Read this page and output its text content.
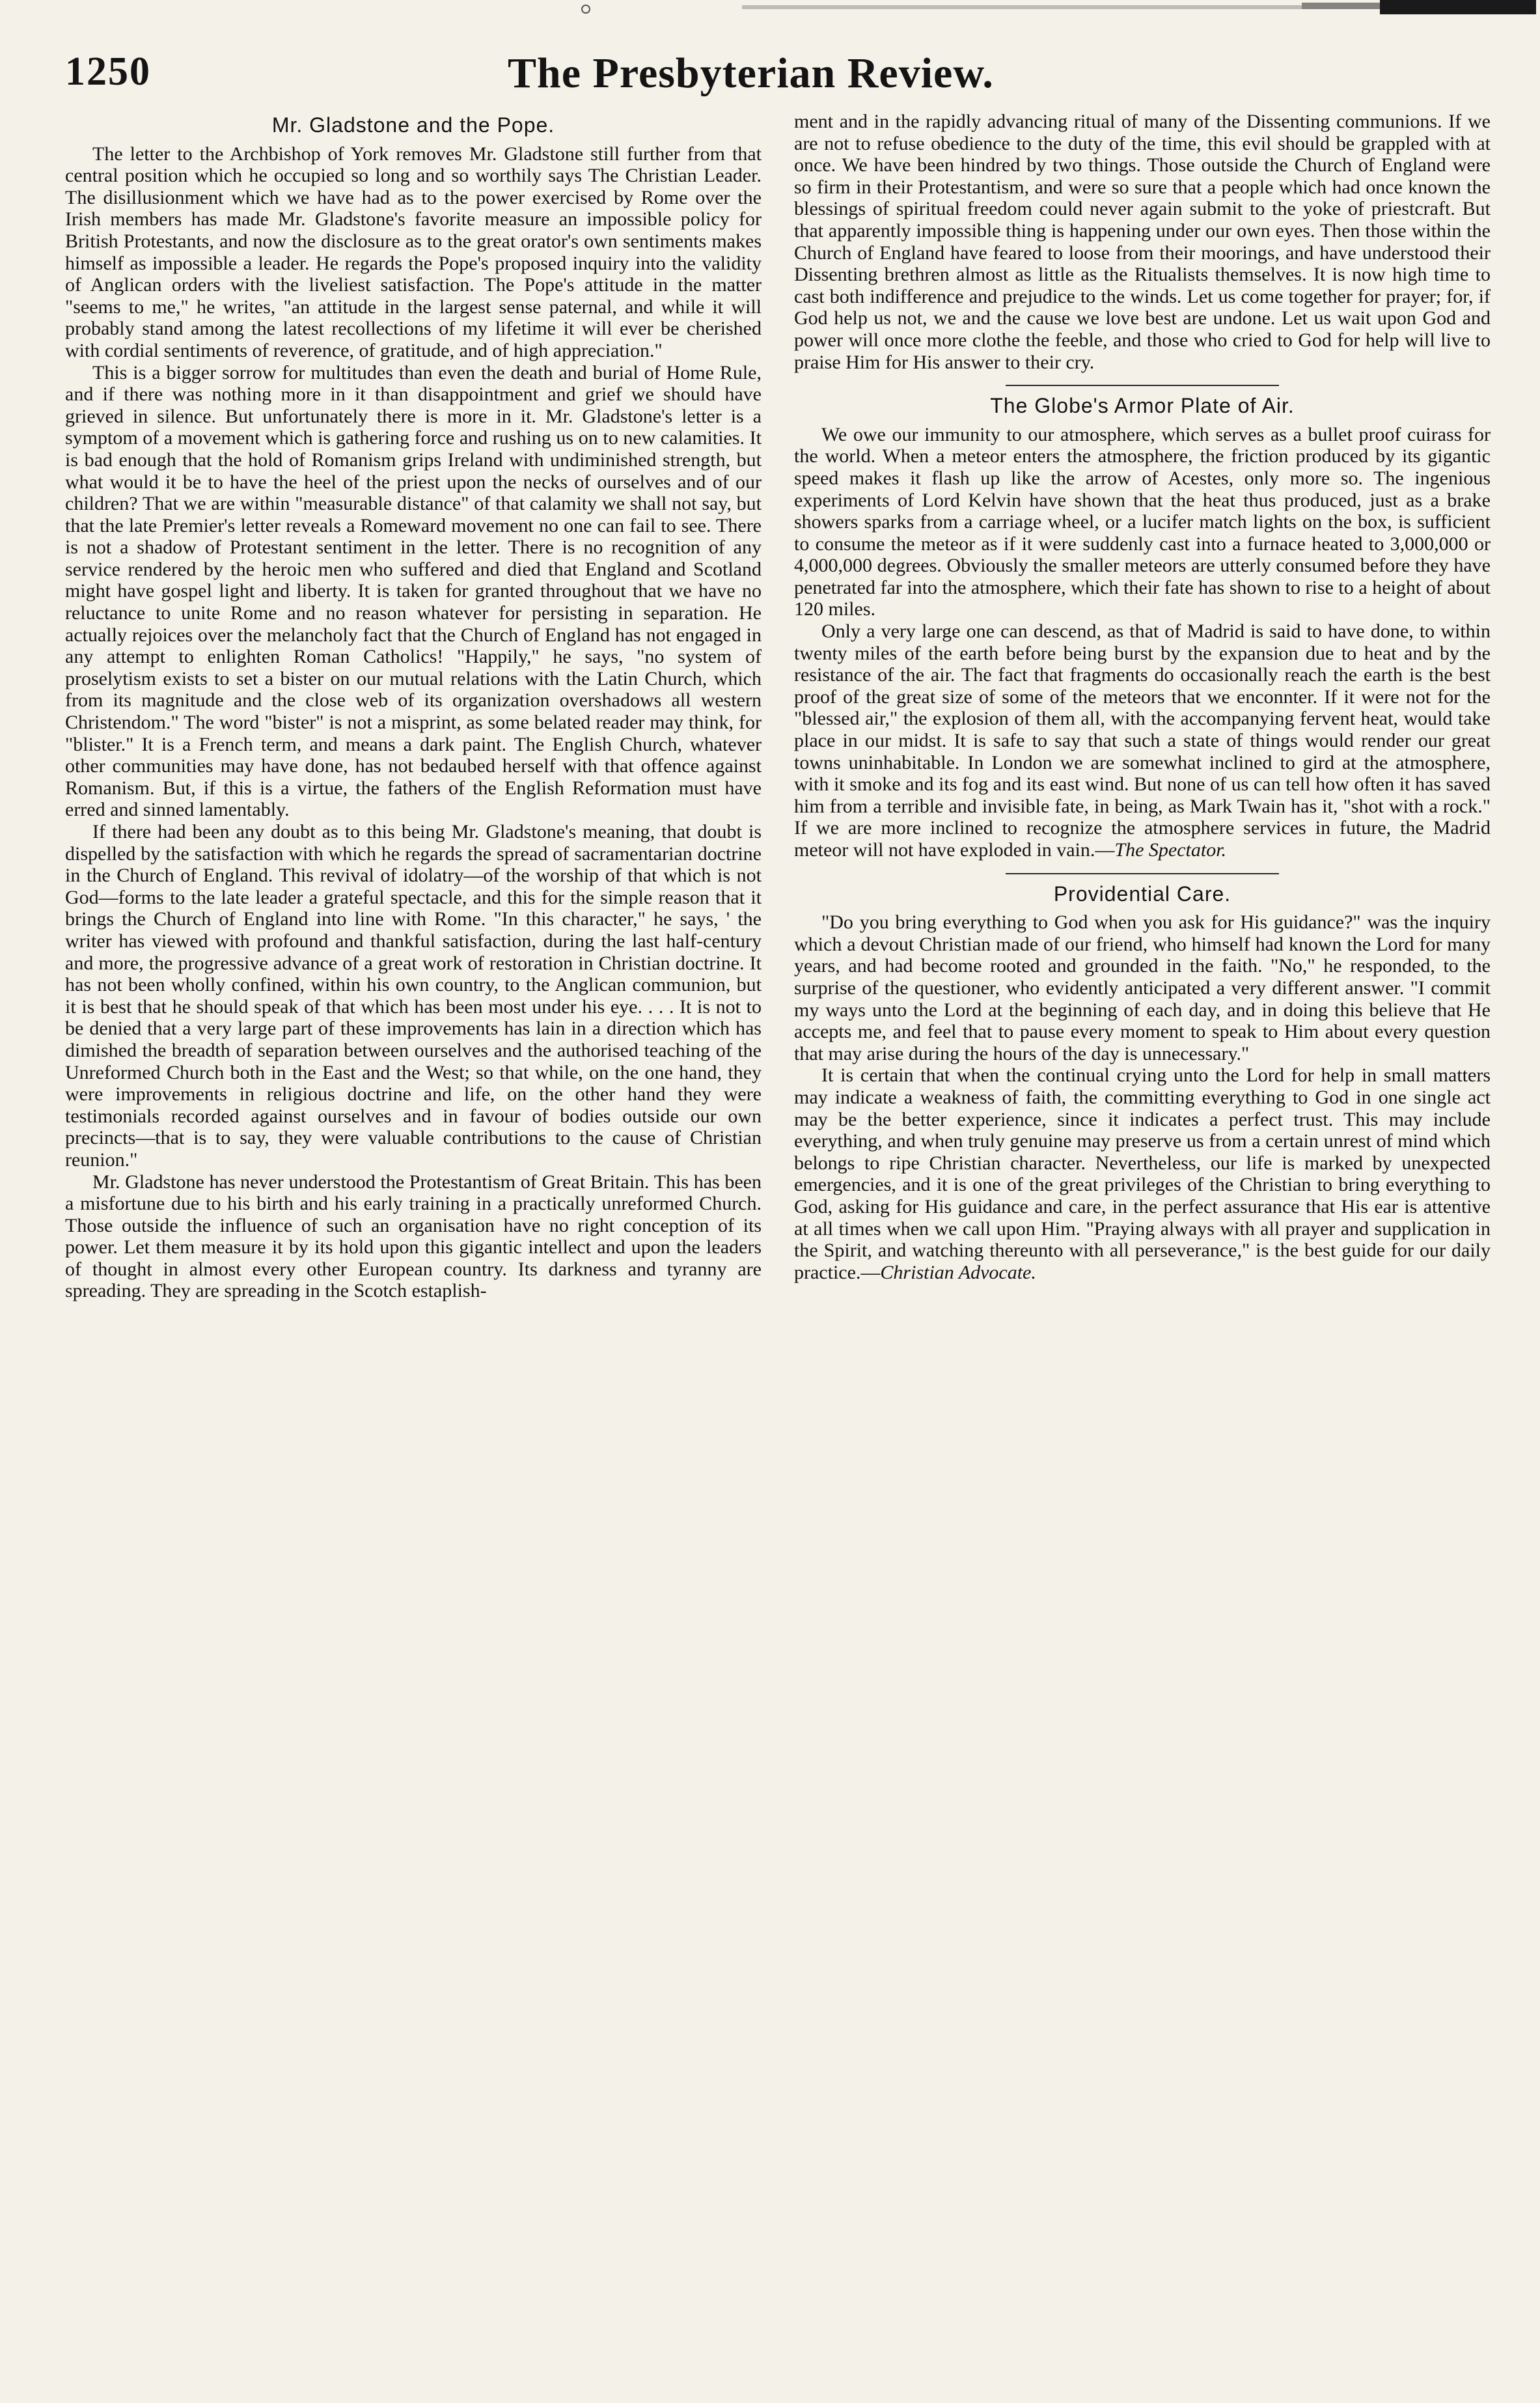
1250	The Presbyterian Review.
Mr. Gladstone and the Pope.

The letter to the Archbishop of York removes Mr. Gladstone still further from that central position which he occupied so long and so worthily says The Christian Leader. The disillusionment which we have had as to the power exercised by Rome over the Irish members has made Mr. Gladstone's favorite measure an impossible policy for British Protestants, and now the disclosure as to the great orator's own sentiments makes himself as impossible a leader. He regards the Pope's proposed inquiry into the validity of Anglican orders with the liveliest satisfaction. The Pope's attitude in the matter "seems to me," he writes, "an attitude in the largest sense paternal, and while it will probably stand among the latest recollections of my lifetime it will ever be cherished with cordial sentiments of reverence, of gratitude, and of high appreciation."

This is a bigger sorrow for multitudes than even the death and burial of Home Rule, and if there was nothing more in it than disappointment and grief we should have grieved in silence. But unfortunately there is more in it. Mr. Gladstone's letter is a symptom of a movement which is gathering force and rushing us on to new calamities. It is bad enough that the hold of Romanism grips Ireland with undiminished strength, but what would it be to have the heel of the priest upon the necks of ourselves and of our children? That we are within "measurable distance" of that calamity we shall not say, but that the late Premier's letter reveals a Romeward movement no one can fail to see. There is not a shadow of Protestant sentiment in the letter. There is no recognition of any service rendered by the heroic men who suffered and died that England and Scotland might have gospel light and liberty. It is taken for granted throughout that we have no reluctance to unite Rome and no reason whatever for persisting in separation. He actually rejoices over the melancholy fact that the Church of England has not engaged in any attempt to enlighten Roman Catholics! "Happily," he says, "no system of proselytism exists to set a bister on our mutual relations with the Latin Church, which from its magnitude and the close web of its organization overshadows all western Christendom." The word "bister" is not a misprint, as some belated reader may think, for "blister." It is a French term, and means a dark paint. The English Church, whatever other communities may have done, has not bedaubed herself with that offence against Romanism. But, if this is a virtue, the fathers of the English Reformation must have erred and sinned lamentably.

If there had been any doubt as to this being Mr. Gladstone's meaning, that doubt is dispelled by the satisfaction with which he regards the spread of sacramentarian doctrine in the Church of England. This revival of idolatry—of the worship of that which is not God—forms to the late leader a grateful spectacle, and this for the simple reason that it brings the Church of England into line with Rome. "In this character," he says, ' the writer has viewed with profound and thankful satisfaction, during the last half-century and more, the progressive advance of a great work of restoration in Christian doctrine. It has not been wholly confined, within his own country, to the Anglican communion, but it is best that he should speak of that which has been most under his eye. . . . It is not to be denied that a very large part of these improvements has lain in a direction which has dimished the breadth of separation between ourselves and the authorised teaching of the Unreformed Church both in the East and the West; so that while, on the one hand, they were improvements in religious doctrine and life, on the other hand they were testimonials recorded against ourselves and in favour of bodies outside our own precincts—that is to say, they were valuable contributions to the cause of Christian reunion."

Mr. Gladstone has never understood the Protestantism of Great Britain. This has been a misfortune due to his birth and his early training in a practically unreformed Church. Those outside the influence of such an organisation have no right conception of its power. Let them measure it by its hold upon this gigantic intellect and upon the leaders of thought in almost every other European country. Its darkness and tyranny are spreading. They are spreading in the Scotch estaplish-

ment and in the rapidly advancing ritual of many of the Dissenting communions. If we are not to refuse obedience to the duty of the time, this evil should be grappled with at once. We have been hindred by two things. Those outside the Church of England were so firm in their Protestantism, and were so sure that a people which had once known the blessings of spiritual freedom could never again submit to the yoke of priestcraft. But that apparently impossible thing is happening under our own eyes. Then those within the Church of England have feared to loose from their moorings, and have understood their Dissenting brethren almost as little as the Ritualists themselves. It is now high time to cast both indifference and prejudice to the winds. Let us come together for prayer; for, if God help us not, we and the cause we love best are undone. Let us wait upon God and power will once more clothe the feeble, and those who cried to God for help will live to praise Him for His answer to their cry.

The Globe's Armor Plate of Air.

We owe our immunity to our atmosphere, which serves as a bullet proof cuirass for the world. When a meteor enters the atmosphere, the friction produced by its gigantic speed makes it flash up like the arrow of Acestes, only more so. The ingenious experiments of Lord Kelvin have shown that the heat thus produced, just as a brake showers sparks from a carriage wheel, or a lucifer match lights on the box, is sufficient to consume the meteor as if it were suddenly cast into a furnace heated to 3,000,000 or 4,000,000 degrees. Obviously the smaller meteors are utterly consumed before they have penetrated far into the atmosphere, which their fate has shown to rise to a height of about 120 miles.

Only a very large one can descend, as that of Madrid is said to have done, to within twenty miles of the earth before being burst by the expansion due to heat and by the resistance of the air. The fact that fragments do occasionally reach the earth is the best proof of the great size of some of the meteors that we enconnter. If it were not for the "blessed air," the explosion of them all, with the accompanying fervent heat, would take place in our midst. It is safe to say that such a state of things would render our great towns uninhabitable. In London we are somewhat inclined to gird at the atmosphere, with it smoke and its fog and its east wind. But none of us can tell how often it has saved him from a terrible and invisible fate, in being, as Mark Twain has it, "shot with a rock." If we are more inclined to recognize the atmosphere services in future, the Madrid meteor will not have exploded in vain.—The Spectator.

Providential Care.

"Do you bring everything to God when you ask for His guidance?" was the inquiry which a devout Christian made of our friend, who himself had known the Lord for many years, and had become rooted and grounded in the faith. "No," he responded, to the surprise of the questioner, who evidently anticipated a very different answer. "I commit my ways unto the Lord at the beginning of each day, and in doing this believe that He accepts me, and feel that to pause every moment to speak to Him about every question that may arise during the hours of the day is unnecessary."

It is certain that when the continual crying unto the Lord for help in small matters may indicate a weakness of faith, the committing everything to God in one single act may be the better experience, since it indicates a perfect trust. This may include everything, and when truly genuine may preserve us from a certain unrest of mind which belongs to ripe Christian character. Nevertheless, our life is marked by unexpected emergencies, and it is one of the great privileges of the Christian to bring everything to God, asking for His guidance and care, in the perfect assurance that His ear is attentive at all times when we call upon Him. "Praying always with all prayer and supplication in the Spirit, and watching thereunto with all perseverance," is the best guide for our daily practice.—Christian Advocate.
